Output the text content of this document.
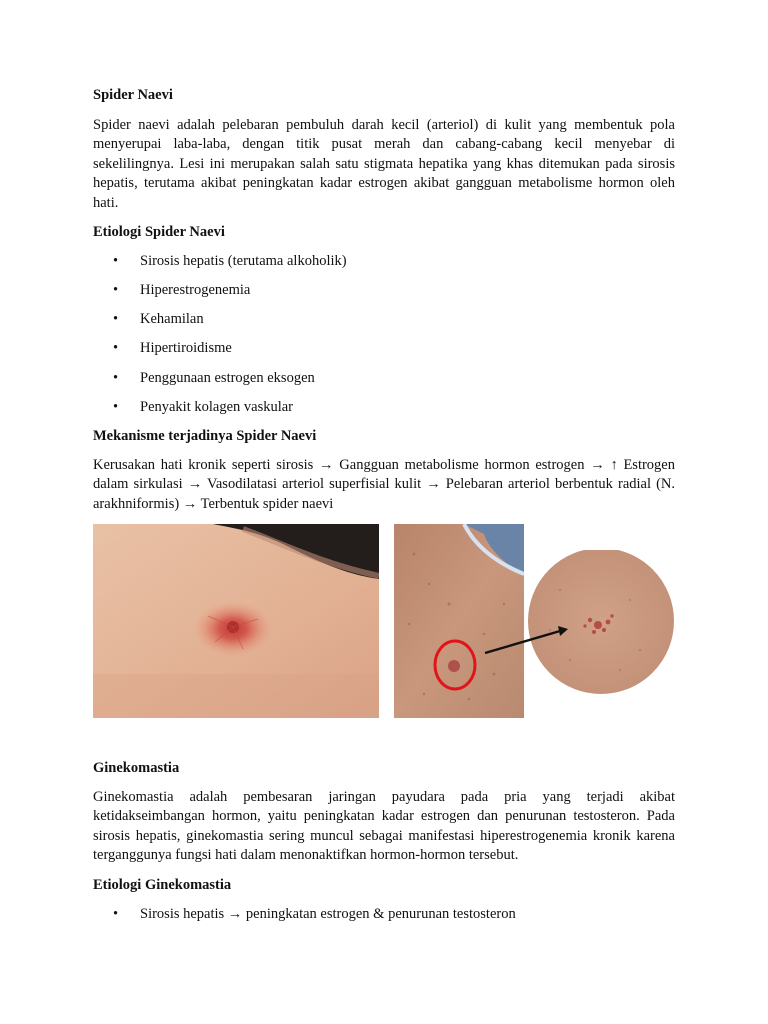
Spider Naevi
Spider naevi adalah pelebaran pembuluh darah kecil (arteriol) di kulit yang membentuk pola menyerupai laba-laba, dengan titik pusat merah dan cabang-cabang kecil menyebar di sekelilingnya. Lesi ini merupakan salah satu stigmata hepatika yang khas ditemukan pada sirosis hepatis, terutama akibat peningkatan kadar estrogen akibat gangguan metabolisme hormon oleh hati.
Etiologi Spider Naevi
• Sirosis hepatis (terutama alkoholik)
• Hiperestrogenemia
• Kehamilan
• Hipertiroidisme
• Penggunaan estrogen eksogen
• Penyakit kolagen vaskular
Mekanisme terjadinya Spider Naevi
Kerusakan hati kronik seperti sirosis → Gangguan metabolisme hormon estrogen → ↑ Estrogen dalam sirkulasi → Vasodilatasi arteriol superfisial kulit → Pelebaran arteriol berbentuk radial (N. arakhniformis) → Terbentuk spider naevi
Ginekomastia
Ginekomastia adalah pembesaran jaringan payudara pada pria yang terjadi akibat ketidakseimbangan hormon, yaitu peningkatan kadar estrogen dan penurunan testosteron. Pada sirosis hepatis, ginekomastia sering muncul sebagai manifestasi hiperestrogenemia kronik karena terganggunya fungsi hati dalam menonaktifkan hormon-hormon tersebut.
Etiologi Ginekomastia
• Sirosis hepatis → peningkatan estrogen & penurunan testosteron
